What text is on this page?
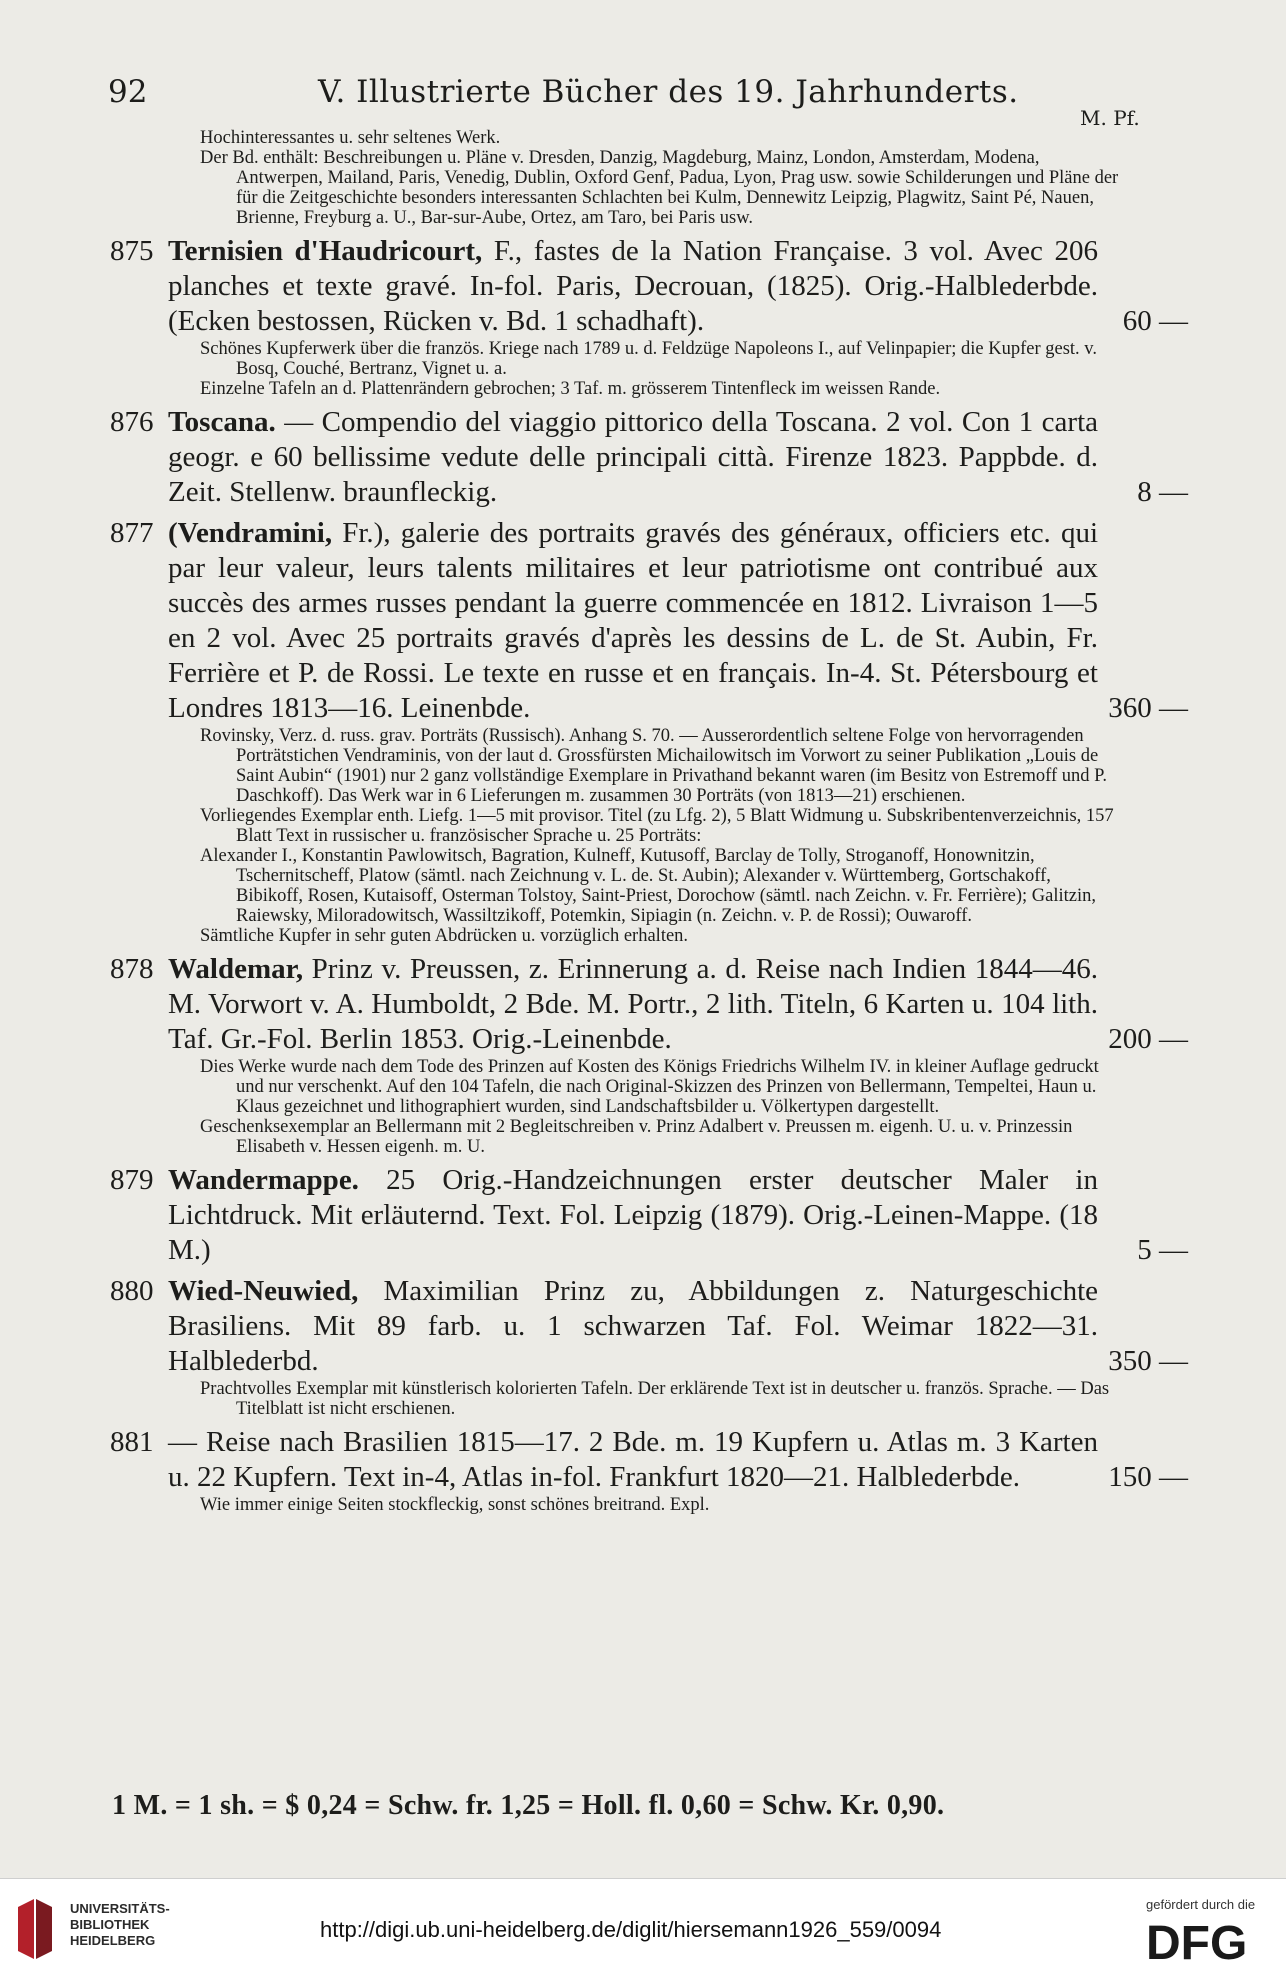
92	V. Illustrierte Bücher des 19. Jahrhunderts.
M. Pf.
Hochinteressantes u. sehr seltenes Werk.
Der Bd. enthält: Beschreibungen u. Pläne v. Dresden, Danzig, Magdeburg, Mainz, London, Amsterdam, Modena, Antwerpen, Mailand, Paris, Venedig, Dublin, Oxford Genf, Padua, Lyon, Prag usw. sowie Schilderungen und Pläne der für die Zeitgeschichte besonders interessanten Schlachten bei Kulm, Dennewitz Leipzig, Plagwitz, Saint Pé, Nauen, Brienne, Freyburg a. U., Bar-sur-Aube, Ortez, am Taro, bei Paris usw.
875 Ternisien d'Haudricourt, F., fastes de la Nation Française. 3 vol. Avec 206 planches et texte gravé. In-fol. Paris, Decrouan, (1825). Orig.-Halblederbde. (Ecken bestossen, Rücken v. Bd. 1 schadhaft).	60 —
Schönes Kupferwerk über die französ. Kriege nach 1789 u. d. Feldzüge Napoleons I., auf Velinpapier; die Kupfer gest. v. Bosq, Couché, Bertranz, Vignet u. a.
Einzelne Tafeln an d. Plattenrändern gebrochen; 3 Taf. m. grösserem Tintenfleck im weissen Rande.
876 Toscana. — Compendio del viaggio pittorico della Toscana. 2 vol. Con 1 carta geogr. e 60 bellissime vedute delle principali città. Firenze 1823. Pappbde. d. Zeit. Stellenw. braunfleckig.	8 —
877 (Vendramini, Fr.), galerie des portraits gravés des généraux, officiers etc. qui par leur valeur, leurs talents militaires et leur patriotisme ont contribué aux succès des armes russes pendant la guerre commencée en 1812. Livraison 1—5 en 2 vol. Avec 25 portraits gravés d'après les dessins de L. de St. Aubin, Fr. Ferrière et P. de Rossi. Le texte en russe et en français. In-4. St. Pétersbourg et Londres 1813—16. Leinenbde.	360 —
Rovinsky, Verz. d. russ. grav. Porträts (Russisch). Anhang S. 70. — Ausserordentlich seltene Folge von hervorragenden Porträtstichen Vendraminis, von der laut d. Grossfürsten Michailowitsch im Vorwort zu seiner Publikation „Louis de Saint Aubin“ (1901) nur 2 ganz vollständige Exemplare in Privathand bekannt waren (im Besitz von Estremoff und P. Daschkoff). Das Werk war in 6 Lieferungen m. zusammen 30 Porträts (von 1813—21) erschienen.
Vorliegendes Exemplar enth. Liefg. 1—5 mit provisor. Titel (zu Lfg. 2), 5 Blatt Widmung u. Subskribentenverzeichnis, 157 Blatt Text in russischer u. französischer Sprache u. 25 Porträts:
Alexander I., Konstantin Pawlowitsch, Bagration, Kulneff, Kutusoff, Barclay de Tolly, Stroganoff, Honownitzin, Tschernitscheff, Platow (sämtl. nach Zeichnung v. L. de. St. Aubin); Alexander v. Württemberg, Gortschakoff, Bibikoff, Rosen, Kutaisoff, Osterman Tolstoy, Saint-Priest, Dorochow (sämtl. nach Zeichn. v. Fr. Ferrière); Galitzin, Raiewsky, Miloradowitsch, Wassiltzikoff, Potemkin, Sipiagin (n. Zeichn. v. P. de Rossi); Ouwaroff.
Sämtliche Kupfer in sehr guten Abdrücken u. vorzüglich erhalten.
878 Waldemar, Prinz v. Preussen, z. Erinnerung a. d. Reise nach Indien 1844—46. M. Vorwort v. A. Humboldt, 2 Bde. M. Portr., 2 lith. Titeln, 6 Karten u. 104 lith. Taf. Gr.-Fol. Berlin 1853. Orig.-Leinenbde.	200 —
Dies Werke wurde nach dem Tode des Prinzen auf Kosten des Königs Friedrichs Wilhelm IV. in kleiner Auflage gedruckt und nur verschenkt. Auf den 104 Tafeln, die nach Original-Skizzen des Prinzen von Bellermann, Tempeltei, Haun u. Klaus gezeichnet und lithographiert wurden, sind Landschaftsbilder u. Völkertypen dargestellt.
Geschenksexemplar an Bellermann mit 2 Begleitschreiben v. Prinz Adalbert v. Preussen m. eigenh. U. u. v. Prinzessin Elisabeth v. Hessen eigenh. m. U.
879 Wandermappe. 25 Orig.-Handzeichnungen erster deutscher Maler in Lichtdruck. Mit erläuternd. Text. Fol. Leipzig (1879). Orig.-Leinen-Mappe. (18 M.)	5 —
880 Wied-Neuwied, Maximilian Prinz zu, Abbildungen z. Naturgeschichte Brasiliens. Mit 89 farb. u. 1 schwarzen Taf. Fol. Weimar 1822—31. Halblederbd.	350 —
Prachtvolles Exemplar mit künstlerisch kolorierten Tafeln. Der erklärende Text ist in deutscher u. französ. Sprache. — Das Titelblatt ist nicht erschienen.
881 — Reise nach Brasilien 1815—17. 2 Bde. m. 19 Kupfern u. Atlas m. 3 Karten u. 22 Kupfern. Text in-4, Atlas in-fol. Frankfurt 1820—21. Halblederbde.	150 —
Wie immer einige Seiten stockfleckig, sonst schönes breitrand. Expl.
1 M. = 1 sh. = $ 0,24 = Schw. fr. 1,25 = Holl. fl. 0,60 = Schw. Kr. 0,90.
UNIVERSITÄTS-
BIBLIOTHEK
HEIDELBERG	http://digi.ub.uni-heidelberg.de/diglit/hiersemann1926_559/0094
gefördert durch die
DFG
